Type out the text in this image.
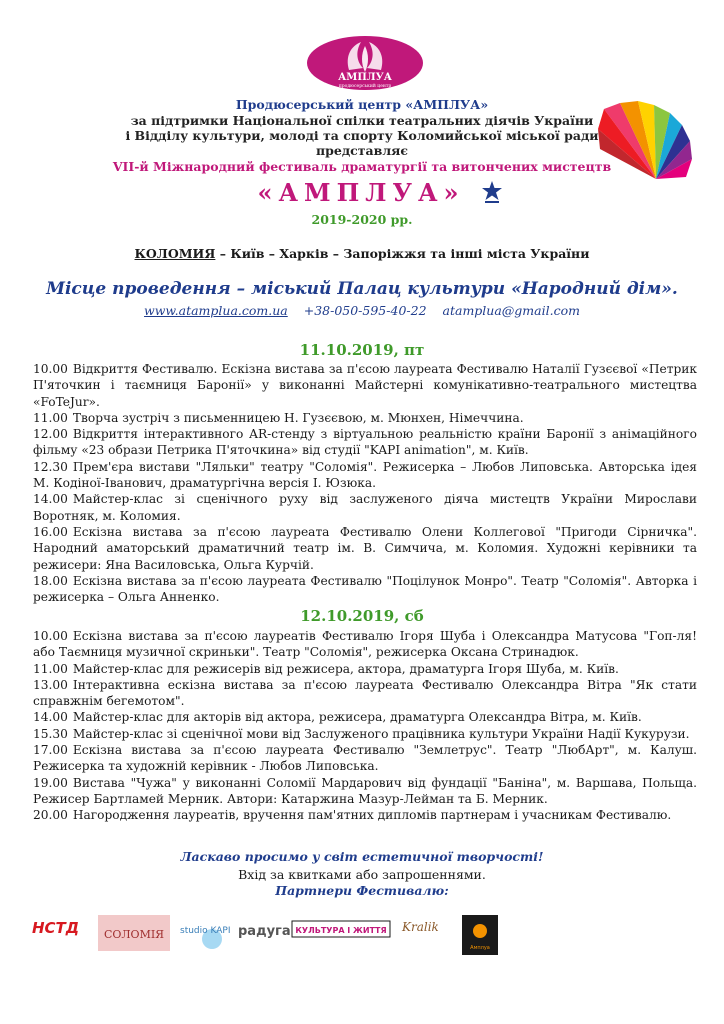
АМПЛУА
продюсерський центр
Продюсерський центр «АМПЛУА»
за підтримки Національної спілки театральних діячів України
і Відділу культури, молоді та спорту Коломийської міської ради
представляє
VII-й Міжнародний фестиваль драматургії та витончених мистецтв
«АМПЛУА»
2019-2020 рр.
КОЛОМИЯ – Київ – Харків – Запоріжжя та інші міста України
Місце проведення – міський Палац культури «Народний дім».
www.atamplua.com.ua +38-050-595-40-22 atamplua@gmail.com
11.10.2019, пт

10.00 Відкриття Фестивалю. Ескізна вистава за п'єсою лауреата Фестивалю Наталії Гузєєвої «Петрик П'яточкин і таємниця Баронії» у виконанні Майстерні комунікативно-театрального мистецтва «FoTeJur».

11.00 Творча зустріч з письменницею Н. Гузєєвою, м. Мюнхен, Німеччина.

12.00 Відкриття інтерактивного AR-стенду з віртуальною реальністю країни Баронії з анімаційного фільму «23 образи Петрика П'яточкина» від студії "KAPI animation", м. Київ.

12.30 Прем'єра вистави "Ляльки" театру "Соломія". Режисерка – Любов Липовська. Авторська ідея М. Кодіної-Іванович, драматургічна версія І. Юзюка.

14.00 Майстер-клас зі сценічного руху від заслуженого діяча мистецтв України Мирослави Воротняк, м. Коломия.

16.00 Ескізна вистава за п'єсою лауреата Фестивалю Олени Коллегової "Пригоди Сірничка". Народний аматорський драматичний театр ім. В. Симчича, м. Коломия. Художні керівники та режисери: Яна Василовська, Ольга Курчій.

18.00 Ескізна вистава за п'єсою лауреата Фестивалю "Поцілунок Монро". Театр "Соломія". Авторка і режисерка – Ольга Анненко.

12.10.2019, сб

10.00 Ескізна вистава за п'єсою лауреатів Фестивалю Ігоря Шуба і Олександра Матусова "Гоп-ля! або Таємниця музичної скриньки". Театр "Соломія", режисерка Оксана Стринадюк.

11.00 Майстер-клас для режисерів від режисера, актора, драматурга Ігоря Шуба, м. Київ.

13.00 Інтерактивна ескізна вистава за п'єсою лауреата Фестивалю Олександра Вітра "Як стати справжнім бегемотом".

14.00 Майстер-клас для акторів від актора, режисера, драматурга Олександра Вітра, м. Київ.

15.30 Майстер-клас зі сценічної мови від Заслуженого працівника культури України Надії Кукурузи.

17.00 Ескізна вистава за п'єсою лауреата Фестивалю "Землетрус". Театр "ЛюбАрт", м. Калуш. Режисерка та художній керівник - Любов Липовська.

19.00 Вистава "Чужа" у виконанні Соломії Мардарович від фундації "Баніна", м. Варшава, Польща. Режисер Бартламей Мерник. Автори: Катаржина Мазур-Лейман та Б. Мерник.

20.00 Нагородження лауреатів, вручення пам'ятних дипломів партнерам і учасникам Фестивалю.

Ласкаво просимо у світ естетичної творчості!
Вхід за квитками або запрошеннями.
Партнери Фестивалю:
НСТД СОЛОМІЯ studio KAPI радуга КУЛЬТУРА І ЖИТТЯ Kralik
Амплуа
